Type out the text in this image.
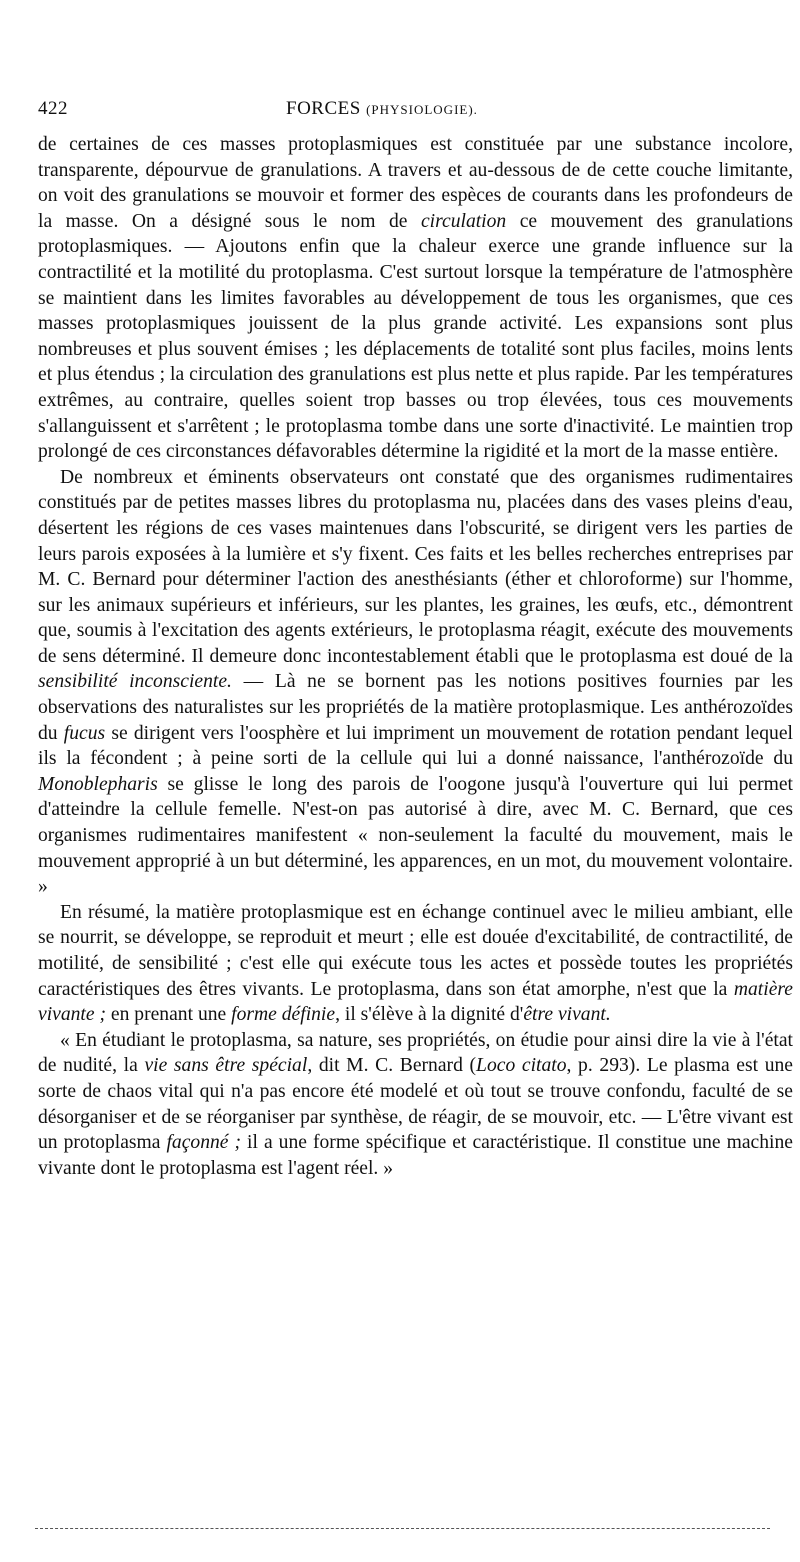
422	FORCES (PHYSIOLOGIE).

de certaines de ces masses protoplasmiques est constituée par une substance incolore, transparente, dépourvue de granulations. A travers et au-dessous de de cette couche limitante, on voit des granulations se mouvoir et former des espèces de courants dans les profondeurs de la masse. On a désigné sous le nom de circulation ce mouvement des granulations protoplasmiques. — Ajoutons enfin que la chaleur exerce une grande influence sur la contractilité et la motilité du protoplasma. C'est surtout lorsque la température de l'atmosphère se maintient dans les limites favorables au développement de tous les organismes, que ces masses protoplasmiques jouissent de la plus grande activité. Les expansions sont plus nombreuses et plus souvent émises ; les déplacements de totalité sont plus faciles, moins lents et plus étendus ; la circulation des granulations est plus nette et plus rapide. Par les températures extrêmes, au contraire, quelles soient trop basses ou trop élevées, tous ces mouvements s'allanguissent et s'arrêtent ; le protoplasma tombe dans une sorte d'inactivité. Le maintien trop prolongé de ces circonstances défavorables détermine la rigidité et la mort de la masse entière.

De nombreux et éminents observateurs ont constaté que des organismes rudimentaires constitués par de petites masses libres du protoplasma nu, placées dans des vases pleins d'eau, désertent les régions de ces vases maintenues dans l'obscurité, se dirigent vers les parties de leurs parois exposées à la lumière et s'y fixent. Ces faits et les belles recherches entreprises par M. C. Bernard pour déterminer l'action des anesthésiants (éther et chloroforme) sur l'homme, sur les animaux supérieurs et inférieurs, sur les plantes, les graines, les œufs, etc., démontrent que, soumis à l'excitation des agents extérieurs, le protoplasma réagit, exécute des mouvements de sens déterminé. Il demeure donc incontestablement établi que le protoplasma est doué de la sensibilité inconsciente. — Là ne se bornent pas les notions positives fournies par les observations des naturalistes sur les propriétés de la matière protoplasmique. Les anthérozoïdes du fucus se dirigent vers l'oosphère et lui impriment un mouvement de rotation pendant lequel ils la fécondent ; à peine sorti de la cellule qui lui a donné naissance, l'anthérozoïde du Monoblepharis se glisse le long des parois de l'oogone jusqu'à l'ouverture qui lui permet d'atteindre la cellule femelle. N'est-on pas autorisé à dire, avec M. C. Bernard, que ces organismes rudimentaires manifestent « non-seulement la faculté du mouvement, mais le mouvement approprié à un but déterminé, les apparences, en un mot, du mouvement volontaire. »

En résumé, la matière protoplasmique est en échange continuel avec le milieu ambiant, elle se nourrit, se développe, se reproduit et meurt ; elle est douée d'excitabilité, de contractilité, de motilité, de sensibilité ; c'est elle qui exécute tous les actes et possède toutes les propriétés caractéristiques des êtres vivants. Le protoplasma, dans son état amorphe, n'est que la matière vivante ; en prenant une forme définie, il s'élève à la dignité d'être vivant.

« En étudiant le protoplasma, sa nature, ses propriétés, on étudie pour ainsi dire la vie à l'état de nudité, la vie sans être spécial, dit M. C. Bernard (Loco citato, p. 293). Le plasma est une sorte de chaos vital qui n'a pas encore été modelé et où tout se trouve confondu, faculté de se désorganiser et de se réorganiser par synthèse, de réagir, de se mouvoir, etc. — L'être vivant est un protoplasma façonné ; il a une forme spécifique et caractéristique. Il constitue une machine vivante dont le protoplasma est l'agent réel. »
